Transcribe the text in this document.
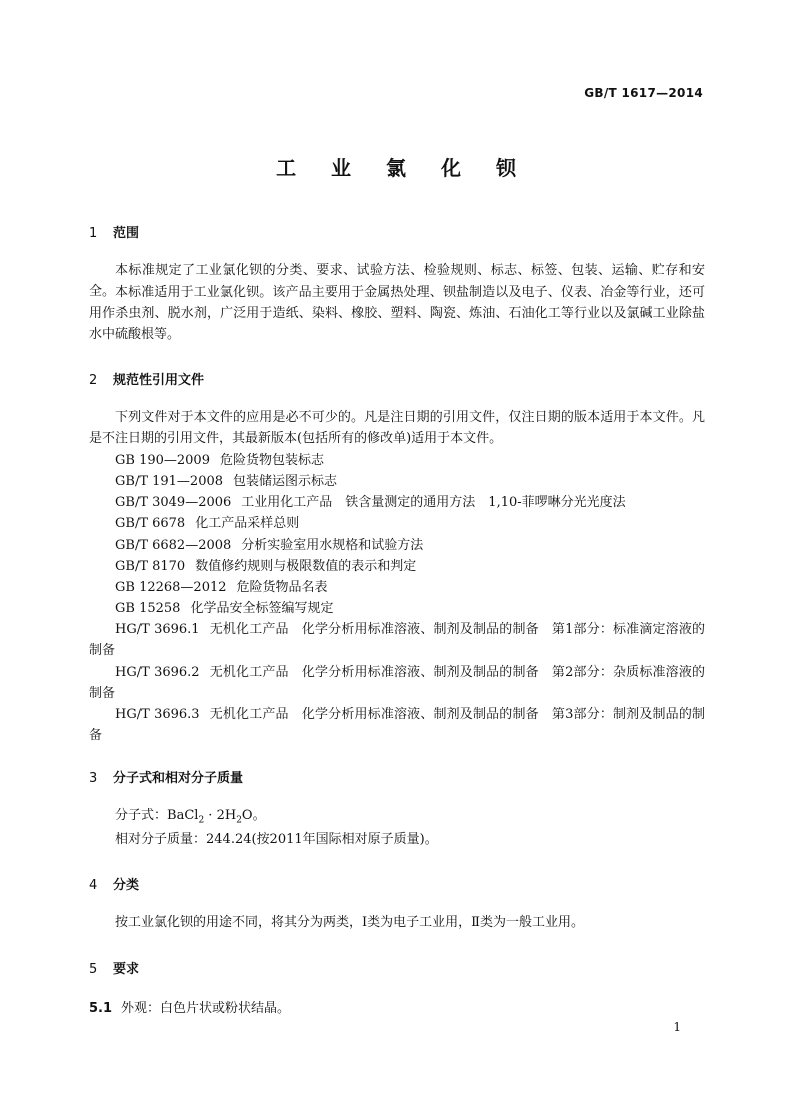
GB/T 1617—2014
工 业 氯 化 钡
1 范围
本标准规定了工业氯化钡的分类、要求、试验方法、检验规则、标志、标签、包装、运输、贮存和安全。 本标准适用于工业氯化钡。该产品主要用于金属热处理、钡盐制造以及电子、仪表、冶金等行业，还可用作杀虫剂、脱水剂，广泛用于造纸、染料、橡胶、塑料、陶瓷、炼油、石油化工等行业以及氯碱工业除盐水中硫酸根等。
2 规范性引用文件
下列文件对于本文件的应用是必不可少的。凡是注日期的引用文件，仅注日期的版本适用于本文件。凡是不注日期的引用文件，其最新版本(包括所有的修改单)适用于本文件。
GB 190—2009 危险货物包装标志
GB/T 191—2008 包装储运图示标志
GB/T 3049—2006 工业用化工产品　铁含量测定的通用方法　1,10-菲啰啉分光光度法
GB/T 6678 化工产品采样总则
GB/T 6682—2008 分析实验室用水规格和试验方法
GB/T 8170 数值修约规则与极限数值的表示和判定
GB 12268—2012 危险货物品名表
GB 15258 化学品安全标签编写规定
HG/T 3696.1 无机化工产品　化学分析用标准溶液、制剂及制品的制备　第1部分：标准滴定溶液的制备
HG/T 3696.2 无机化工产品　化学分析用标准溶液、制剂及制品的制备　第2部分：杂质标准溶液的制备
HG/T 3696.3 无机化工产品　化学分析用标准溶液、制剂及制品的制备　第3部分：制剂及制品的制备
3 分子式和相对分子质量
分子式：BaCl$_2$ · $2H_2O$。
相对分子质量：244.24(按2011年国际相对原子质量)。
4 分类
按工业氯化钡的用途不同，将其分为两类，Ⅰ类为电子工业用，Ⅱ类为一般工业用。
5 要求
5.1 外观：白色片状或粉状结晶。
1
